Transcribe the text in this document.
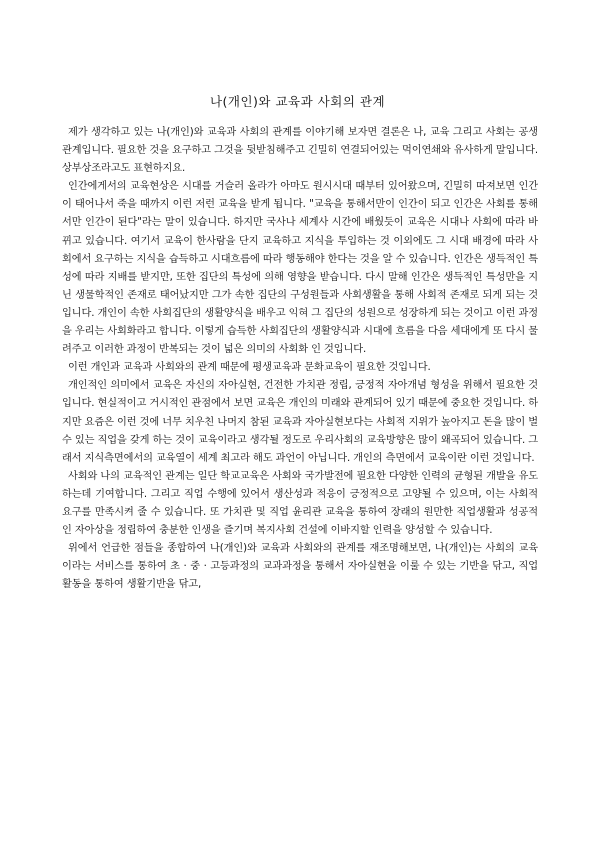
나(개인)와 교육과 사회의 관계

제가 생각하고 있는 나(개인)와 교육과 사회의 관계를 이야기해 보자면 결론은 나, 교육 그리고 사회는 공생관계입니다. 필요한 것을 요구하고 그것을 뒷받침해주고 긴밀히 연결되어있는 먹이연쇄와 유사하게 말입니다. 상부상조라고도 표현하지요.

인간에게서의 교육현상은 시대를 거슬러 올라가 아마도 원시시대 때부터 있어왔으며, 긴밀히 따져보면 인간이 태어나서 죽을 때까지 이런 저런 교육을 받게 됩니다. "교육을 통해서만이 인간이 되고 인간은 사회를 통해서만 인간이 된다"라는 말이 있습니다. 하지만 국사나 세계사 시간에 배웠듯이 교육은 시대나 사회에 따라 바뀌고 있습니다. 여기서 교육이 한사람을 단지 교육하고 지식을 투입하는 것 이외에도 그 시대 배경에 따라 사회에서 요구하는 지식을 습득하고 시대흐름에 따라 행동해야 한다는 것을 알 수 있습니다. 인간은 생득적인 특성에 따라 지배를 받지만, 또한 집단의 특성에 의해 영향을 받습니다. 다시 말해 인간은 생득적인 특성만을 지닌 생물학적인 존재로 태어났지만 그가 속한 집단의 구성원들과 사회생활을 통해 사회적 존재로 되게 되는 것입니다. 개인이 속한 사회집단의 생활양식을 배우고 익혀 그 집단의 성원으로 성장하게 되는 것이고 이런 과정을 우리는 사회화라고 합니다. 이렇게 습득한 사회집단의 생활양식과 시대에 흐름을 다음 세대에게 또 다시 물려주고 이러한 과정이 반복되는 것이 넓은 의미의 사회화 인 것입니다.

이런 개인과 교육과 사회와의 관계 때문에 평생교육과 문화교육이 필요한 것입니다.

개인적인 의미에서 교육은 자신의 자아실현, 건전한 가치관 정립, 긍정적 자아개념 형성을 위해서 필요한 것입니다. 현실적이고 거시적인 관점에서 보면 교육은 개인의 미래와 관계되어 있기 때문에 중요한 것입니다. 하지만 요즘은 이런 것에 너무 치우친 나머지 참된 교육과 자아실현보다는 사회적 지위가 높아지고 돈을 많이 벌 수 있는 직업을 갖게 하는 것이 교육이라고 생각될 정도로 우리사회의 교육방향은 많이 왜곡되어 있습니다. 그래서 지식측면에서의 교육열이 세계 최고라 해도 과언이 아닙니다. 개인의 측면에서 교육이란 이런 것입니다.

사회와 나의 교육적인 관계는 일단 학교교육은 사회와 국가발전에 필요한 다양한 인력의 균형된 개발을 유도하는데 기여합니다. 그리고 직업 수행에 있어서 생산성과 적응이 긍정적으로 고양될 수 있으며, 이는 사회적 요구를 만족시켜 줄 수 있습니다. 또 가치관 및 직업 윤리관 교육을 통하여 장래의 원만한 직업생활과 성공적인 자아상을 정립하여 충분한 인생을 즐기며 복지사회 건설에 이바지할 인력을 양성할 수 있습니다.

위에서 언급한 점들을 종합하여 나(개인)와 교육과 사회와의 관계를 재조명해보면, 나(개인)는 사회의 교육이라는 서비스를 통하여 초 · 중 · 고등과정의 교과과정을 통해서 자아실현을 이룰 수 있는 기반을 닦고, 직업 활동을 통하여 생활기반을 닦고,
